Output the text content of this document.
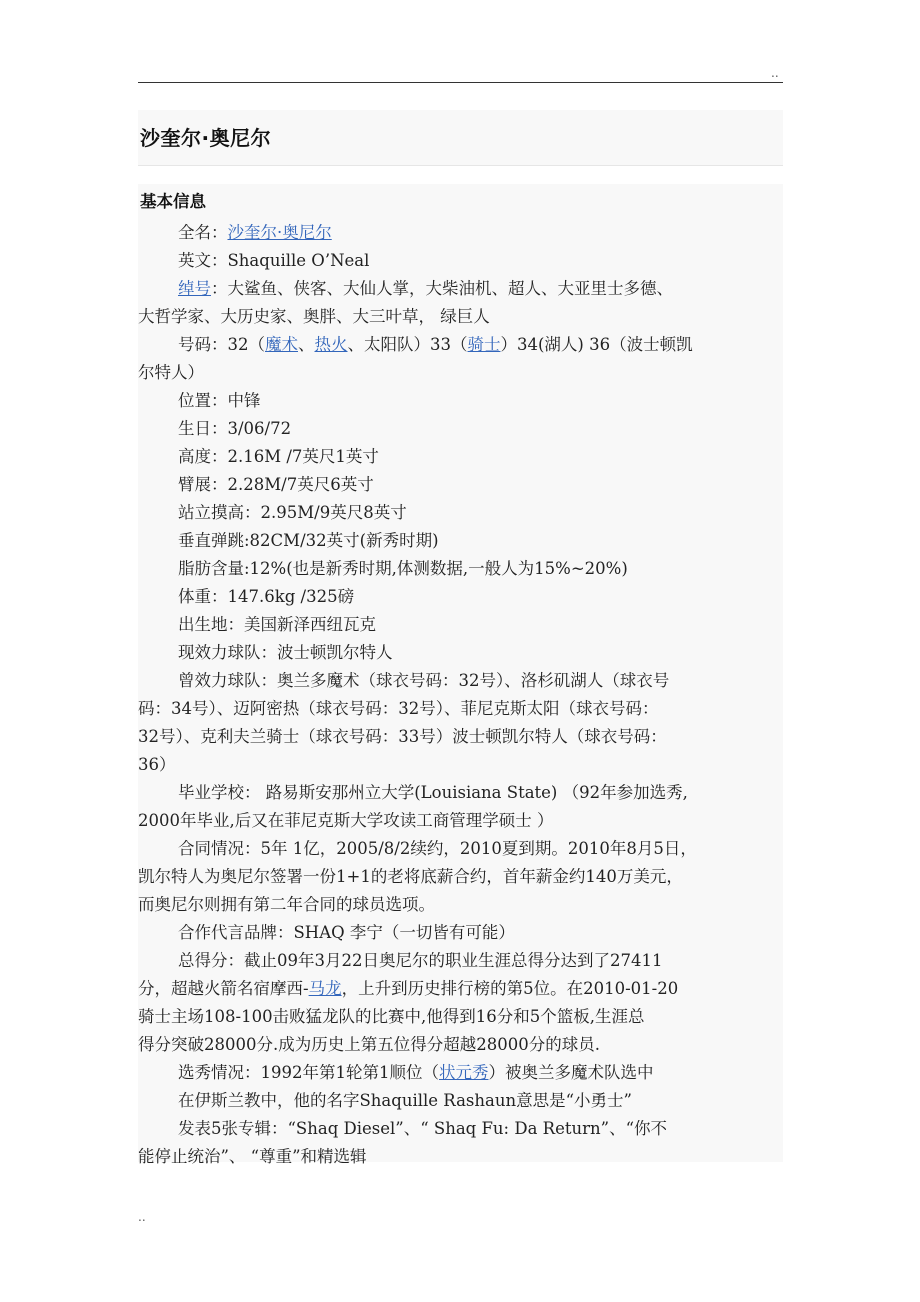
..
沙奎尔·奥尼尔
基本信息
全名：沙奎尔·奥尼尔
英文：Shaquille O’Neal
绰号：大鲨鱼、侠客、大仙人掌，大柴油机、超人、大亚里士多德、
大哲学家、大历史家、奥胖、大三叶草， 绿巨人
号码：32（魔术、热火、太阳队）33（骑士）34(湖人) 36（波士顿凯
尔特人）
位置：中锋
生日：3/06/72
高度：2.16M /7英尺1英寸
臂展：2.28M/7英尺6英寸
站立摸高：2.95M/9英尺8英寸
垂直弹跳:82CM/32英寸(新秀时期)
脂肪含量:12%(也是新秀时期,体测数据,一般人为15%~20%)
体重：147.6kg /325磅
出生地：美国新泽西纽瓦克
现效力球队：波士顿凯尔特人
曾效力球队：奥兰多魔术（球衣号码：32号）、洛杉矶湖人（球衣号
码：34号）、迈阿密热（球衣号码：32号）、菲尼克斯太阳（球衣号码：
32号）、克利夫兰骑士（球衣号码：33号）波士顿凯尔特人（球衣号码：
36）
毕业学校： 路易斯安那州立大学(Louisiana State) （92年参加选秀,
2000年毕业,后又在菲尼克斯大学攻读工商管理学硕士 ）
合同情况：5年 1亿，2005/8/2续约，2010夏到期。2010年8月5日，
凯尔特人为奥尼尔签署一份1+1的老将底薪合约，首年薪金约140万美元，
而奥尼尔则拥有第二年合同的球员选项。
合作代言品牌：SHAQ 李宁（一切皆有可能）
总得分：截止09年3月22日奥尼尔的职业生涯总得分达到了27411
分，超越火箭名宿摩西-马龙，上升到历史排行榜的第5位。在2010-01-20
骑士主场108-100击败猛龙队的比赛中,他得到16分和5个篮板,生涯总
得分突破28000分.成为历史上第五位得分超越28000分的球员.
选秀情况：1992年第1轮第1顺位（状元秀）被奥兰多魔术队选中
在伊斯兰教中，他的名字Shaquille Rashaun意思是“小勇士”
发表5张专辑：“Shaq Diesel”、“ Shaq Fu: Da Return”、“你不
能停止统治”、 “尊重”和精选辑
..
